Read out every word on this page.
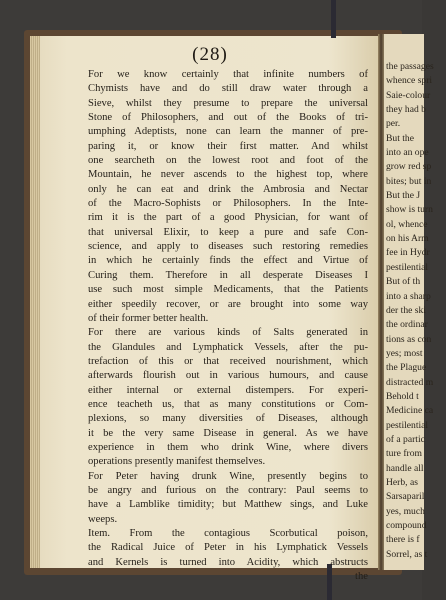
(28)
For we know certainly that infinite numbers of
Chymists have and do still draw water through a
Sieve, whilst they presume to prepare the universal
Stone of Philosophers, and out of the Books of tri-
umphing Adeptists, none can learn the manner of pre-
paring it, or know their first matter. And whilst
one searcheth on the lowest root and foot of the
Mountain, he never ascends to the highest top, where
only he can eat and drink the Ambrosia and Nectar
of the Macro-Sophists or Philosophers. In the Inte-
rim it is the part of a good Physician, for want of
that universal Elixir, to keep a pure and safe Con-
science, and apply to diseases such restoring remedies
in which he certainly finds the effect and Virtue of
Curing them. Therefore in all desperate Diseases I
use such most simple Medicaments, that the Patients
either speedily recover, or are brought into some way
of their former better health.
For there are various kinds of Salts generated in
the Glandules and Lymphatick Vessels, after the pu-
trefaction of this or that received nourishment, which
afterwards flourish out in various humours, and cause
either internal or external distempers. For experi-
ence teacheth us, that as many constitutions or Com-
plexions, so many diversities of Diseases, although
it be the very same Disease in general. As we have
experience in them who drink Wine, where divers
operations presently manifest themselves.
For Peter having drunk Wine, presently begins to
be angry and furious on the contrary: Paul seems to
have a Lamblike timidity; but Matthew sings, and Luke
weeps.
Item. From the contagious Scorbutical poison,
the Radical Juice of Peter in his Lymphatick Vessels
and Kernels is turned into Acidity, which abstructs
the
the passages
whence spri
Saie-colour
they had b
per.
But the
into an ope
grow red sp
bites; but in
But the J
show is turn
ol, whence
on his Arm
fee in Hydr
pestilential
But of th
into a sharp
der the ski
the ordinar
tions as con
yes; most
the Plague
distracted m
Behold t
Medicine ca
pestilential
of a partic
ture from
handle all
Herb, as
Sarsaparil
yes, much
compound
there is f
Sorrel, as t
